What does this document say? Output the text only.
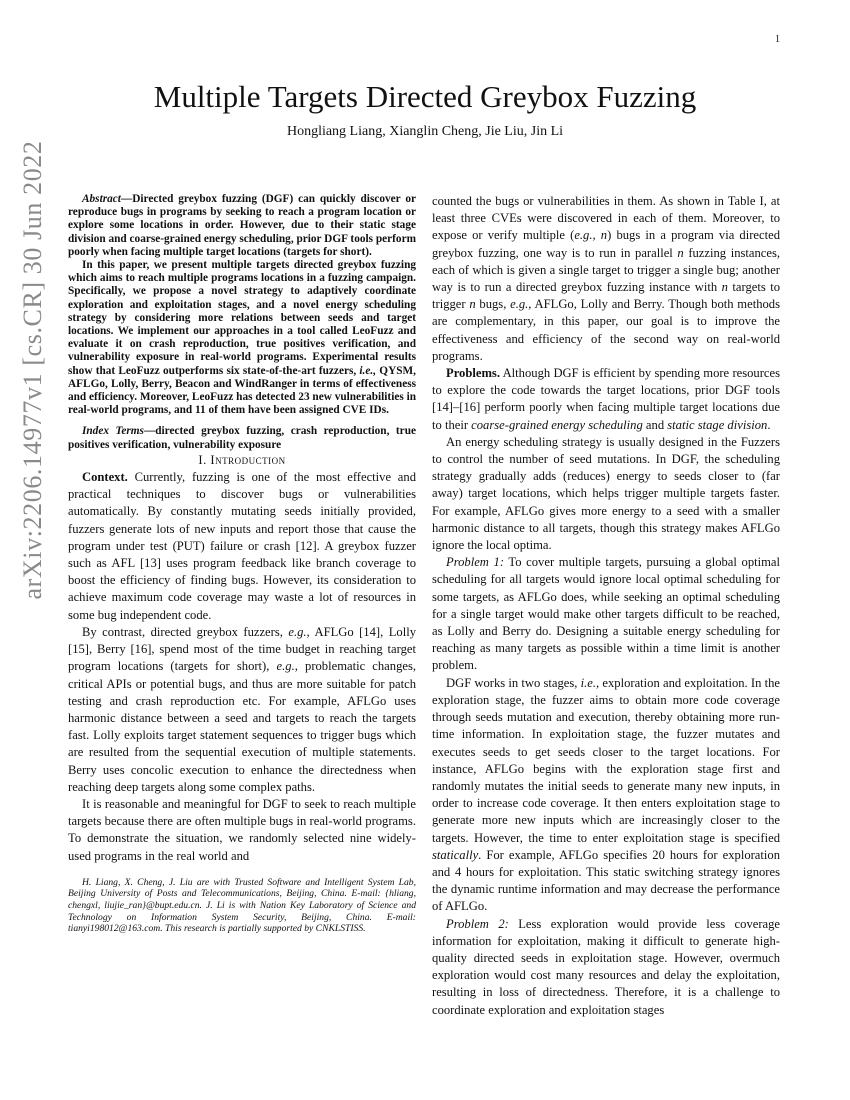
1
arXiv:2206.14977v1 [cs.CR] 30 Jun 2022
Multiple Targets Directed Greybox Fuzzing
Hongliang Liang, Xianglin Cheng, Jie Liu, Jin Li

Abstract—Directed greybox fuzzing (DGF) can quickly discover or reproduce bugs in programs by seeking to reach a program location or explore some locations in order. However, due to their static stage division and coarse-grained energy scheduling, prior DGF tools perform poorly when facing multiple target locations (targets for short).

In this paper, we present multiple targets directed greybox fuzzing which aims to reach multiple programs locations in a fuzzing campaign. Specifically, we propose a novel strategy to adaptively coordinate exploration and exploitation stages, and a novel energy scheduling strategy by considering more relations between seeds and target locations. We implement our approaches in a tool called LeoFuzz and evaluate it on crash reproduction, true positives verification, and vulnerability exposure in real-world programs. Experimental results show that LeoFuzz outperforms six state-of-the-art fuzzers, i.e., QYSM, AFLGo, Lolly, Berry, Beacon and WindRanger in terms of effectiveness and efficiency. Moreover, LeoFuzz has detected 23 new vulnerabilities in real-world programs, and 11 of them have been assigned CVE IDs.

Index Terms—directed greybox fuzzing, crash reproduction, true positives verification, vulnerability exposure

I. Introduction

Context. Currently, fuzzing is one of the most effective and practical techniques to discover bugs or vulnerabilities automatically. By constantly mutating seeds initially provided, fuzzers generate lots of new inputs and report those that cause the program under test (PUT) failure or crash [12]. A greybox fuzzer such as AFL [13] uses program feedback like branch coverage to boost the efficiency of finding bugs. However, its consideration to achieve maximum code coverage may waste a lot of resources in some bug independent code.

By contrast, directed greybox fuzzers, e.g., AFLGo [14], Lolly [15], Berry [16], spend most of the time budget in reaching target program locations (targets for short), e.g., problematic changes, critical APIs or potential bugs, and thus are more suitable for patch testing and crash reproduction etc. For example, AFLGo uses harmonic distance between a seed and targets to reach the targets fast. Lolly exploits target statement sequences to trigger bugs which are resulted from the sequential execution of multiple statements. Berry uses concolic execution to enhance the directedness when reaching deep targets along some complex paths.

It is reasonable and meaningful for DGF to seek to reach multiple targets because there are often multiple bugs in real-world programs. To demonstrate the situation, we randomly selected nine widely-used programs in the real world and

H. Liang, X. Cheng, J. Liu are with Trusted Software and Intelligent System Lab, Beijing University of Posts and Telecommunications, Beijing, China. E-mail: {hliang, chengxl, liujie_ran}@bupt.edu.cn. J. Li is with Nation Key Laboratory of Science and Technology on Information System Security, Beijing, China. E-mail: tianyi198012@163.com. This research is partially supported by CNKLSTISS.

counted the bugs or vulnerabilities in them. As shown in Table I, at least three CVEs were discovered in each of them. Moreover, to expose or verify multiple (e.g., n) bugs in a program via directed greybox fuzzing, one way is to run in parallel n fuzzing instances, each of which is given a single target to trigger a single bug; another way is to run a directed greybox fuzzing instance with n targets to trigger n bugs, e.g., AFLGo, Lolly and Berry. Though both methods are complementary, in this paper, our goal is to improve the effectiveness and efficiency of the second way on real-world programs.

Problems. Although DGF is efficient by spending more resources to explore the code towards the target locations, prior DGF tools [14]–[16] perform poorly when facing multiple target locations due to their coarse-grained energy scheduling and static stage division.

An energy scheduling strategy is usually designed in the Fuzzers to control the number of seed mutations. In DGF, the scheduling strategy gradually adds (reduces) energy to seeds closer to (far away) target locations, which helps trigger multiple targets faster. For example, AFLGo gives more energy to a seed with a smaller harmonic distance to all targets, though this strategy makes AFLGo ignore the local optima.

Problem 1: To cover multiple targets, pursuing a global optimal scheduling for all targets would ignore local optimal scheduling for some targets, as AFLGo does, while seeking an optimal scheduling for a single target would make other targets difficult to be reached, as Lolly and Berry do. Designing a suitable energy scheduling for reaching as many targets as possible within a time limit is another problem.

DGF works in two stages, i.e., exploration and exploitation. In the exploration stage, the fuzzer aims to obtain more code coverage through seeds mutation and execution, thereby obtaining more run-time information. In exploitation stage, the fuzzer mutates and executes seeds to get seeds closer to the target locations. For instance, AFLGo begins with the exploration stage first and randomly mutates the initial seeds to generate many new inputs, in order to increase code coverage. It then enters exploitation stage to generate more new inputs which are increasingly closer to the targets. However, the time to enter exploitation stage is specified statically. For example, AFLGo specifies 20 hours for exploration and 4 hours for exploitation. This static switching strategy ignores the dynamic runtime information and may decrease the performance of AFLGo.

Problem 2: Less exploration would provide less coverage information for exploitation, making it difficult to generate high-quality directed seeds in exploitation stage. However, overmuch exploration would cost many resources and delay the exploitation, resulting in loss of directedness. Therefore, it is a challenge to coordinate exploration and exploitation stages
